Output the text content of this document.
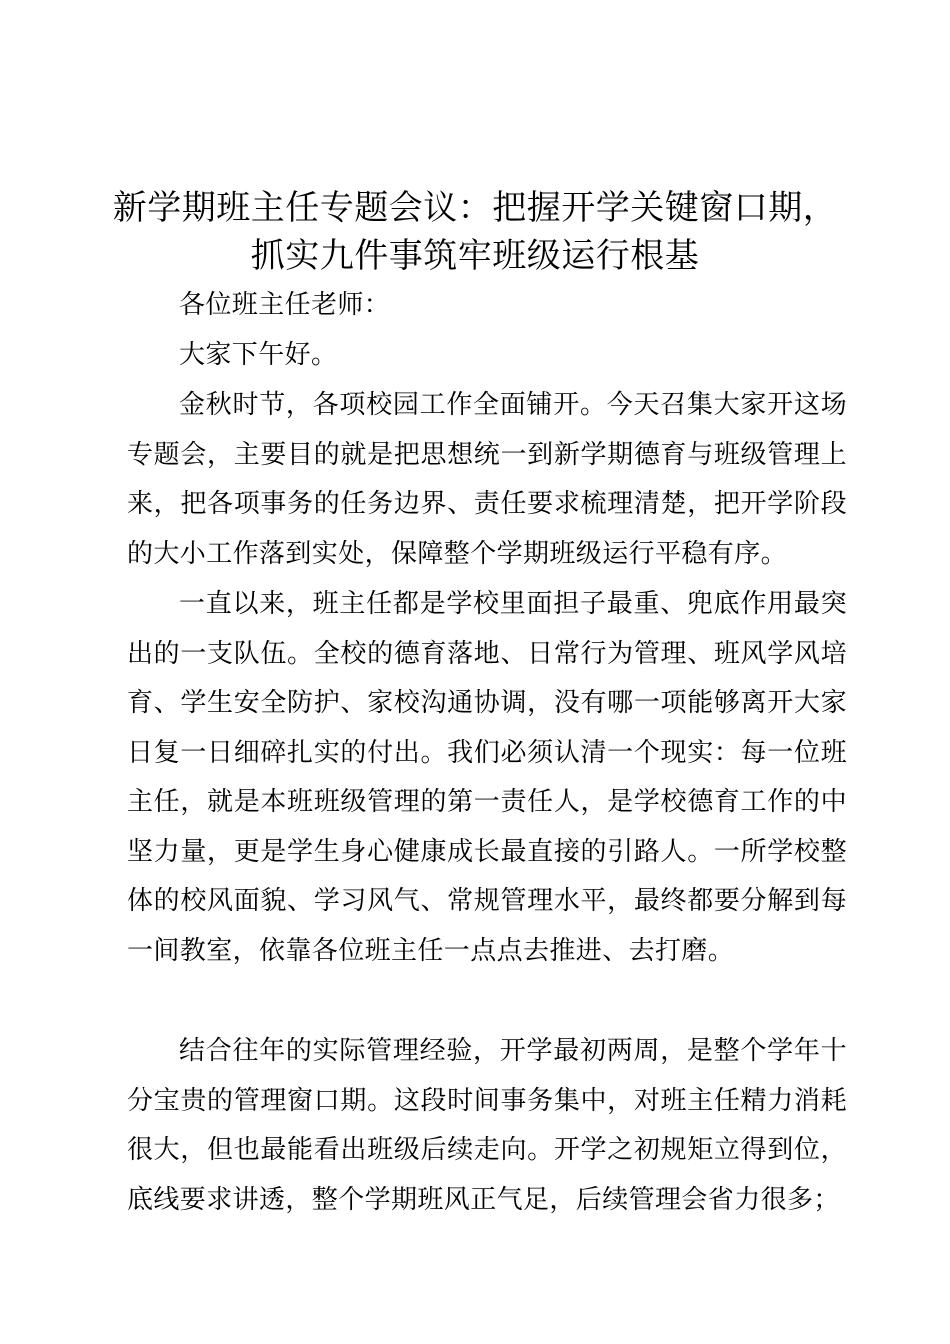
新学期班主任专题会议：把握开学关键窗口期，
抓实九件事筑牢班级运行根基

各位班主任老师：

大家下午好。

金秋时节，各项校园工作全面铺开。今天召集大家开这场专题会，主要目的就是把思想统一到新学期德育与班级管理上来，把各项事务的任务边界、责任要求梳理清楚，把开学阶段的大小工作落到实处，保障整个学期班级运行平稳有序。

一直以来，班主任都是学校里面担子最重、兜底作用最突出的一支队伍。全校的德育落地、日常行为管理、班风学风培育、学生安全防护、家校沟通协调，没有哪一项能够离开大家日复一日细碎扎实的付出。我们必须认清一个现实：每一位班主任，就是本班班级管理的第一责任人，是学校德育工作的中坚力量，更是学生身心健康成长最直接的引路人。一所学校整体的校风面貌、学习风气、常规管理水平，最终都要分解到每一间教室，依靠各位班主任一点点去推进、去打磨。

结合往年的实际管理经验，开学最初两周，是整个学年十分宝贵的管理窗口期。这段时间事务集中，对班主任精力消耗很大，但也最能看出班级后续走向。开学之初规矩立得到位，底线要求讲透，整个学期班风正气足，后续管理会省力很多；
